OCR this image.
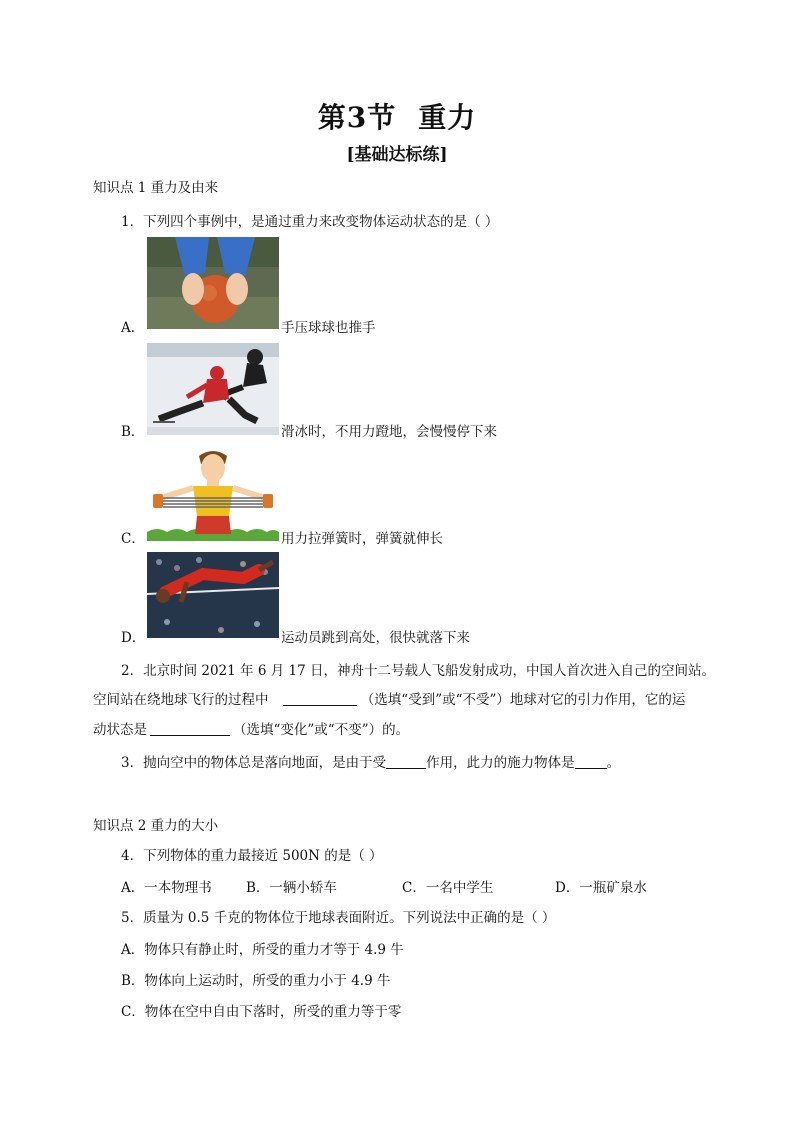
第3节 重力
[基础达标练]
知识点 1 重力及由来
1．下列四个事例中，是通过重力来改变物体运动状态的是（ ）
A．	手压球球也推手
B．	滑冰时，不用力蹬地，会慢慢停下来
C．	用力拉弹簧时，弹簧就伸长
D．	运动员跳到高处，很快就落下来
2．北京时间 2021 年 6 月 17 日，神舟十二号载人飞船发射成功，中国人首次进入自己的空间站。
空间站在绕地球飞行的过程中	（选填“受到”或“不受”）地球对它的引力作用，它的运
动状态是	（选填“变化”或“不变”）的。
3．抛向空中的物体总是落向地面，是由于受	作用，此力的施力物体是 。
知识点 2 重力的大小
4．下列物体的重力最接近 500N 的是（ ）
A．一本物理书	B．一辆小轿车	C．一名中学生	D．一瓶矿泉水
5．质量为 0.5 千克的物体位于地球表面附近。下列说法中正确的是（ ）
A．物体只有静止时，所受的重力才等于 4.9 牛
B．物体向上运动时，所受的重力小于 4.9 牛
C．物体在空中自由下落时，所受的重力等于零
